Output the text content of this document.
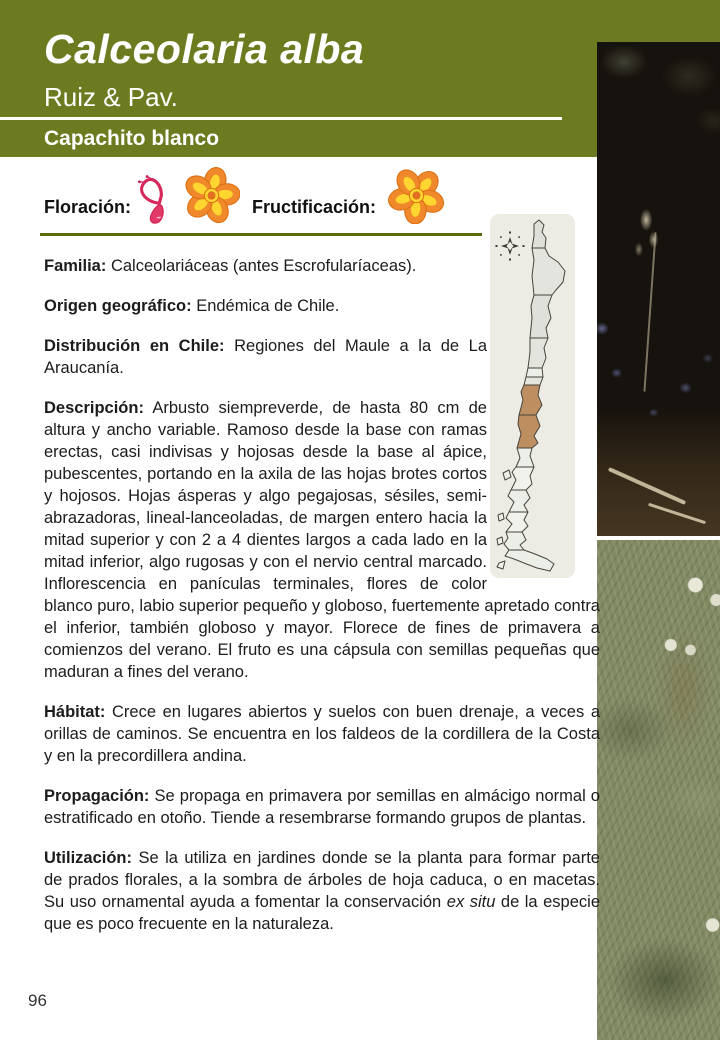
Calceolaria alba
Ruiz & Pav.
Capachito blanco
Floración:	Fructificación:

Familia: Calceolariáceas (antes Escrofularíaceas).

Origen geográfico: Endémica de Chile.

Distribución en Chile: Regiones del Maule a la de La Araucanía.

Descripción: Arbusto siempreverde, de hasta 80 cm de altura y ancho variable. Ramoso desde la base con ramas erectas, casi indivisas y hojosas desde la base al ápice, pubescentes, portando en la axila de las hojas brotes cortos y hojosos. Hojas ásperas y algo pegajosas, sésiles, semi-abrazadoras, lineal-lanceoladas, de margen entero hacia la mitad superior y con 2 a 4 dientes largos a cada lado en la mitad inferior, algo rugosas y con el nervio central marcado. Inflorescencia en panículas terminales, flores de color blanco puro, labio superior pequeño y globoso, fuertemente apretado contra el inferior, también globoso y mayor. Florece de fines de primavera a comienzos del verano. El fruto es una cápsula con semillas pequeñas que maduran a fines del verano.

Hábitat: Crece en lugares abiertos y suelos con buen drenaje, a veces a orillas de caminos. Se encuentra en los faldeos de la cordillera de la Costa y en la precordillera andina.

Propagación: Se propaga en primavera por semillas en almácigo normal o estratificado en otoño. Tiende a resembrarse formando grupos de plantas.

Utilización: Se la utiliza en jardines donde se la planta para formar parte de prados florales, a la sombra de árboles de hoja caduca, o en macetas. Su uso ornamental ayuda a fomentar la conservación ex situ de la especie que es poco frecuente en la naturaleza.

96
